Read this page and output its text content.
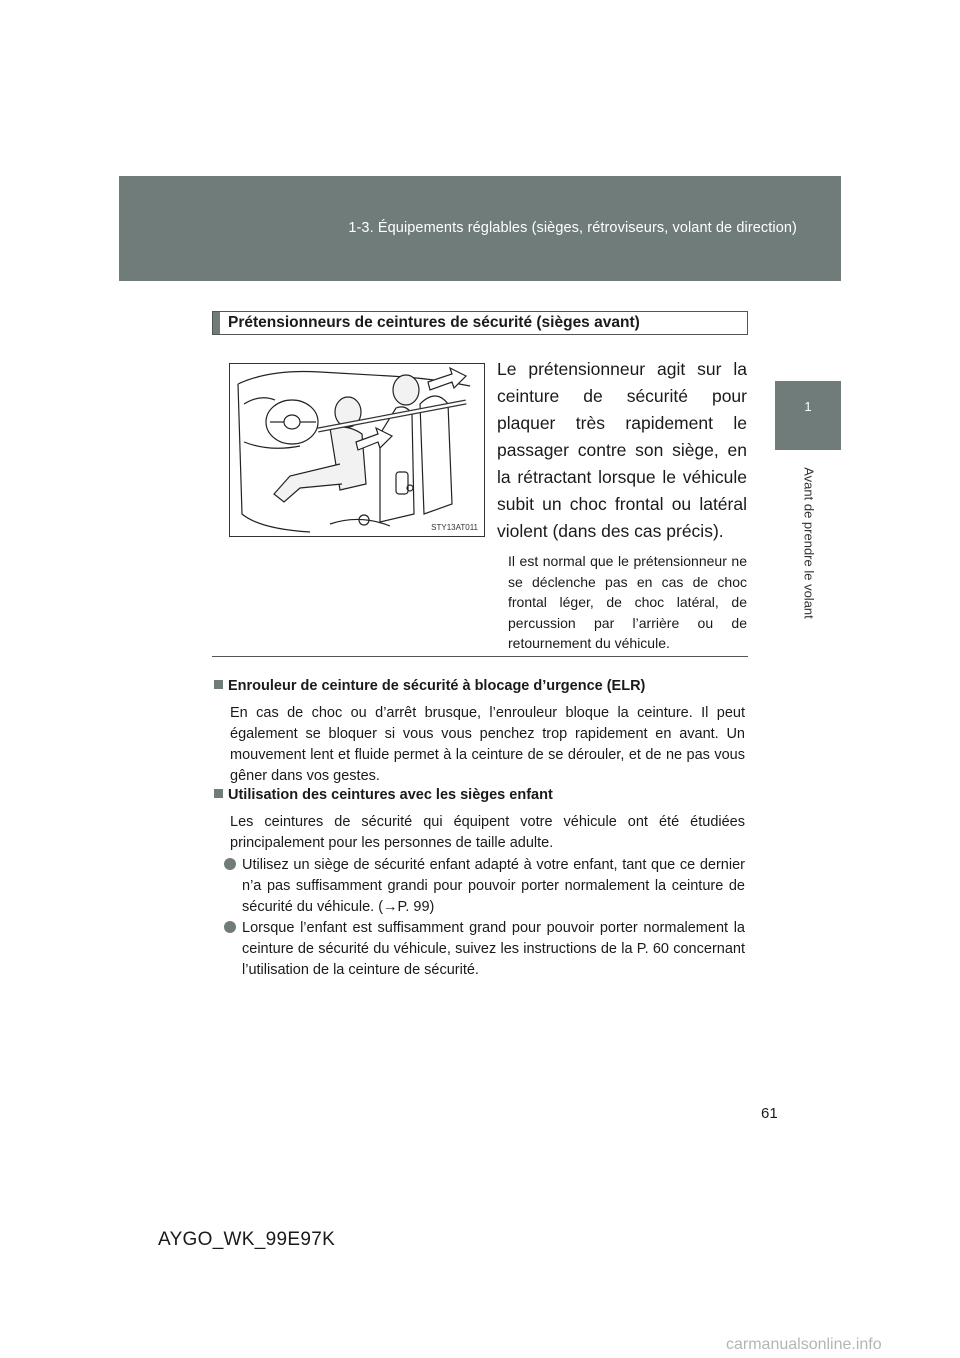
1-3. Équipements réglables (sièges, rétroviseurs, volant de direction)
1
Avant de prendre le volant
Prétensionneurs de ceintures de sécurité (sièges avant)
STY13AT011
Le prétensionneur agit sur la ceinture de sécurité pour plaquer très rapidement le passager contre son siège, en la rétractant lorsque le véhicule subit un choc frontal ou latéral violent (dans des cas précis).
Il est normal que le prétensionneur ne se déclenche pas en cas de choc frontal léger, de choc latéral, de percussion par l’arrière ou de retournement du véhicule.
Enrouleur de ceinture de sécurité à blocage d’urgence (ELR)
En cas de choc ou d’arrêt brusque, l’enrouleur bloque la ceinture. Il peut également se bloquer si vous vous penchez trop rapidement en avant. Un mouvement lent et fluide permet à la ceinture de se dérouler, et de ne pas vous gêner dans vos gestes.
Utilisation des ceintures avec les sièges enfant
Les ceintures de sécurité qui équipent votre véhicule ont été étudiées principalement pour les personnes de taille adulte.
Utilisez un siège de sécurité enfant adapté à votre enfant, tant que ce dernier n’a pas suffisamment grandi pour pouvoir porter normalement la ceinture de sécurité du véhicule. (→P. 99)
Lorsque l’enfant est suffisamment grand pour pouvoir porter normalement la ceinture de sécurité du véhicule, suivez les instructions de la P. 60 concernant l’utilisation de la ceinture de sécurité.
61
AYGO_WK_99E97K
carmanualsonline.info
